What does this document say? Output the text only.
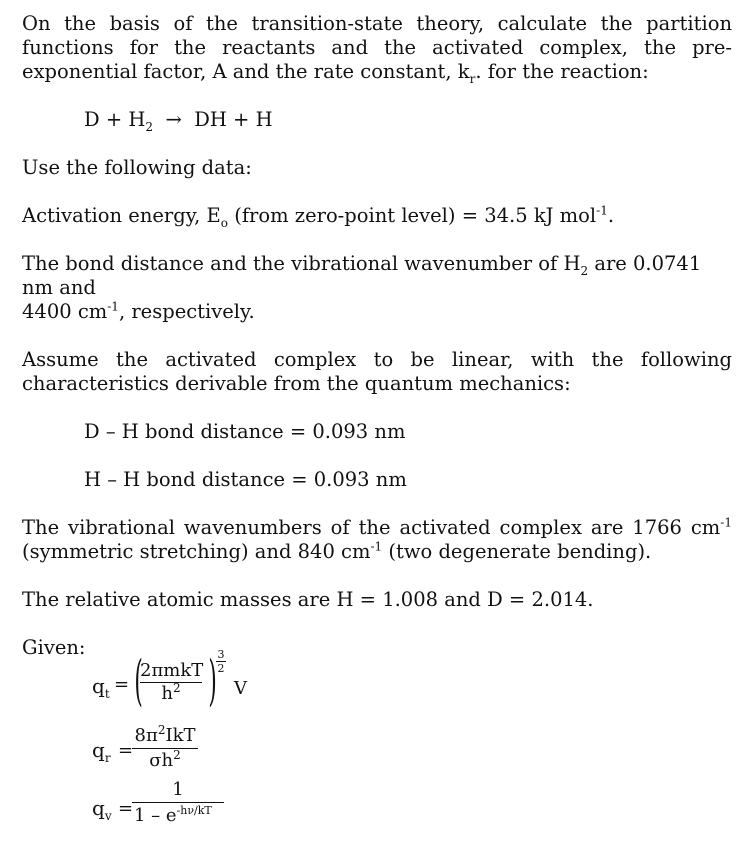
On the basis of the transition-state theory, calculate the partition functions for the reactants and the activated complex, the pre-exponential factor, A and the rate constant, $k_r$. for the reaction:

$D + H_2$ → DH + H

Use the following data:

Activation energy, $E_o$ (from zero-point level) = 34.5 kJ mol$^{-1}$.

The bond distance and the vibrational wavenumber of $H_2$ are 0.0741 nm and
4400 $cm^{-1}$, respectively.

Assume the activated complex to be linear, with the following characteristics derivable from the quantum mechanics:

D – H bond distance = 0.093 nm

H – H bond distance = 0.093 nm

The vibrational wavenumbers of the activated complex are 1766 $cm^{-1}$ (symmetric stretching) and 840 $cm^{-1}$ (two degenerate bending).

The relative atomic masses are H = 1.008 and D = 2.014.

Given:

$q_t$ = (
2πmkT
$h^2$ ) $\frac{3}{2}$
V
$q_r$ =
$8\pi^2IkT$
$\sigma h^2$
$q_v$ =
$\frac{1}{1 - e^{-h\nu/kT}}$
